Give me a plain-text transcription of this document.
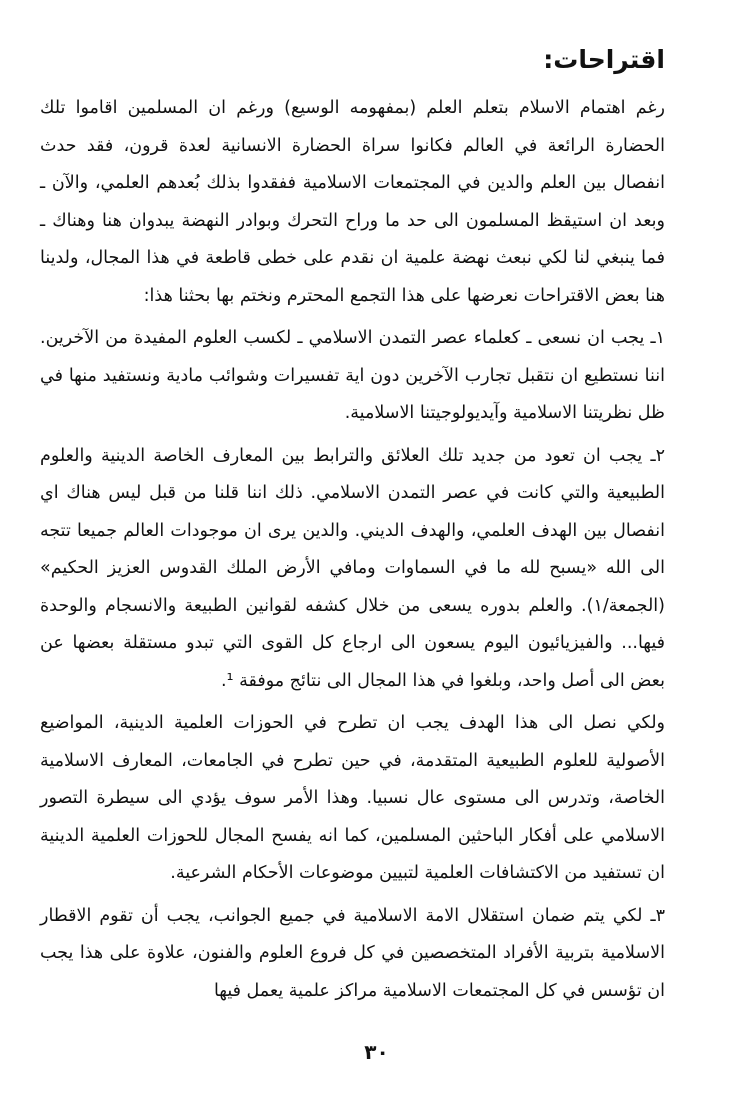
اقتراحات:

رغم اهتمام الاسلام بتعلم العلم (بمفهومه الوسيع) ورغم ان المسلمين اقاموا تلك الحضارة الرائعة في العالم فكانوا سراة الحضارة الانسانية لعدة قرون، فقد حدث انفصال بين العلم والدين في المجتمعات الاسلامية ففقدوا بذلك بُعدهم العلمي، والآن ـ وبعد ان استيقظ المسلمون الى حد ما وراح التحرك وبوادر النهضة يبدوان هنا وهناك ـ فما ينبغي لنا لكي نبعث نهضة علمية ان نقدم على خطى قاطعة في هذا المجال، ولدينا هنا بعض الاقتراحات نعرضها على هذا التجمع المحترم ونختم بها بحثنا هذا:

١ـ يجب ان نسعى ـ كعلماء عصر التمدن الاسلامي ـ لكسب العلوم المفيدة من الآخرين. اننا نستطيع ان نتقبل تجارب الآخرين دون اية تفسيرات وشوائب مادية ونستفيد منها في ظل نظريتنا الاسلامية وآيديولوجيتنا الاسلامية.

٢ـ يجب ان تعود من جديد تلك العلائق والترابط بين المعارف الخاصة الدينية والعلوم الطبيعية والتي كانت في عصر التمدن الاسلامي. ذلك اننا قلنا من قبل ليس هناك اي انفصال بين الهدف العلمي، والهدف الديني. والدين يرى ان موجودات العالم جميعا تتجه الى الله «يسبح لله ما في السماوات ومافي الأرض الملك القدوس العزيز الحكيم» (الجمعة/١). والعلم بدوره يسعى من خلال كشفه لقوانين الطبيعة والانسجام والوحدة فيها... والفيزيائيون اليوم يسعون الى ارجاع كل القوى التي تبدو مستقلة بعضها عن بعض الى أصل واحد، وبلغوا في هذا المجال الى نتائج موفقة ¹.

ولكي نصل الى هذا الهدف يجب ان تطرح في الحوزات العلمية الدينية، المواضيع الأصولية للعلوم الطبيعية المتقدمة، في حين تطرح في الجامعات، المعارف الاسلامية الخاصة، وتدرس الى مستوى عال نسبيا. وهذا الأمر سوف يؤدي الى سيطرة التصور الاسلامي على أفكار الباحثين المسلمين، كما انه يفسح المجال للحوزات العلمية الدينية ان تستفيد من الاكتشافات العلمية لتبيين موضوعات الأحكام الشرعية.

٣ـ لكي يتم ضمان استقلال الامة الاسلامية في جميع الجوانب، يجب أن تقوم الاقطار الاسلامية بتربية الأفراد المتخصصين في كل فروع العلوم والفنون، علاوة على هذا يجب ان تؤسس في كل المجتمعات الاسلامية مراكز علمية يعمل فيها

٣٠
